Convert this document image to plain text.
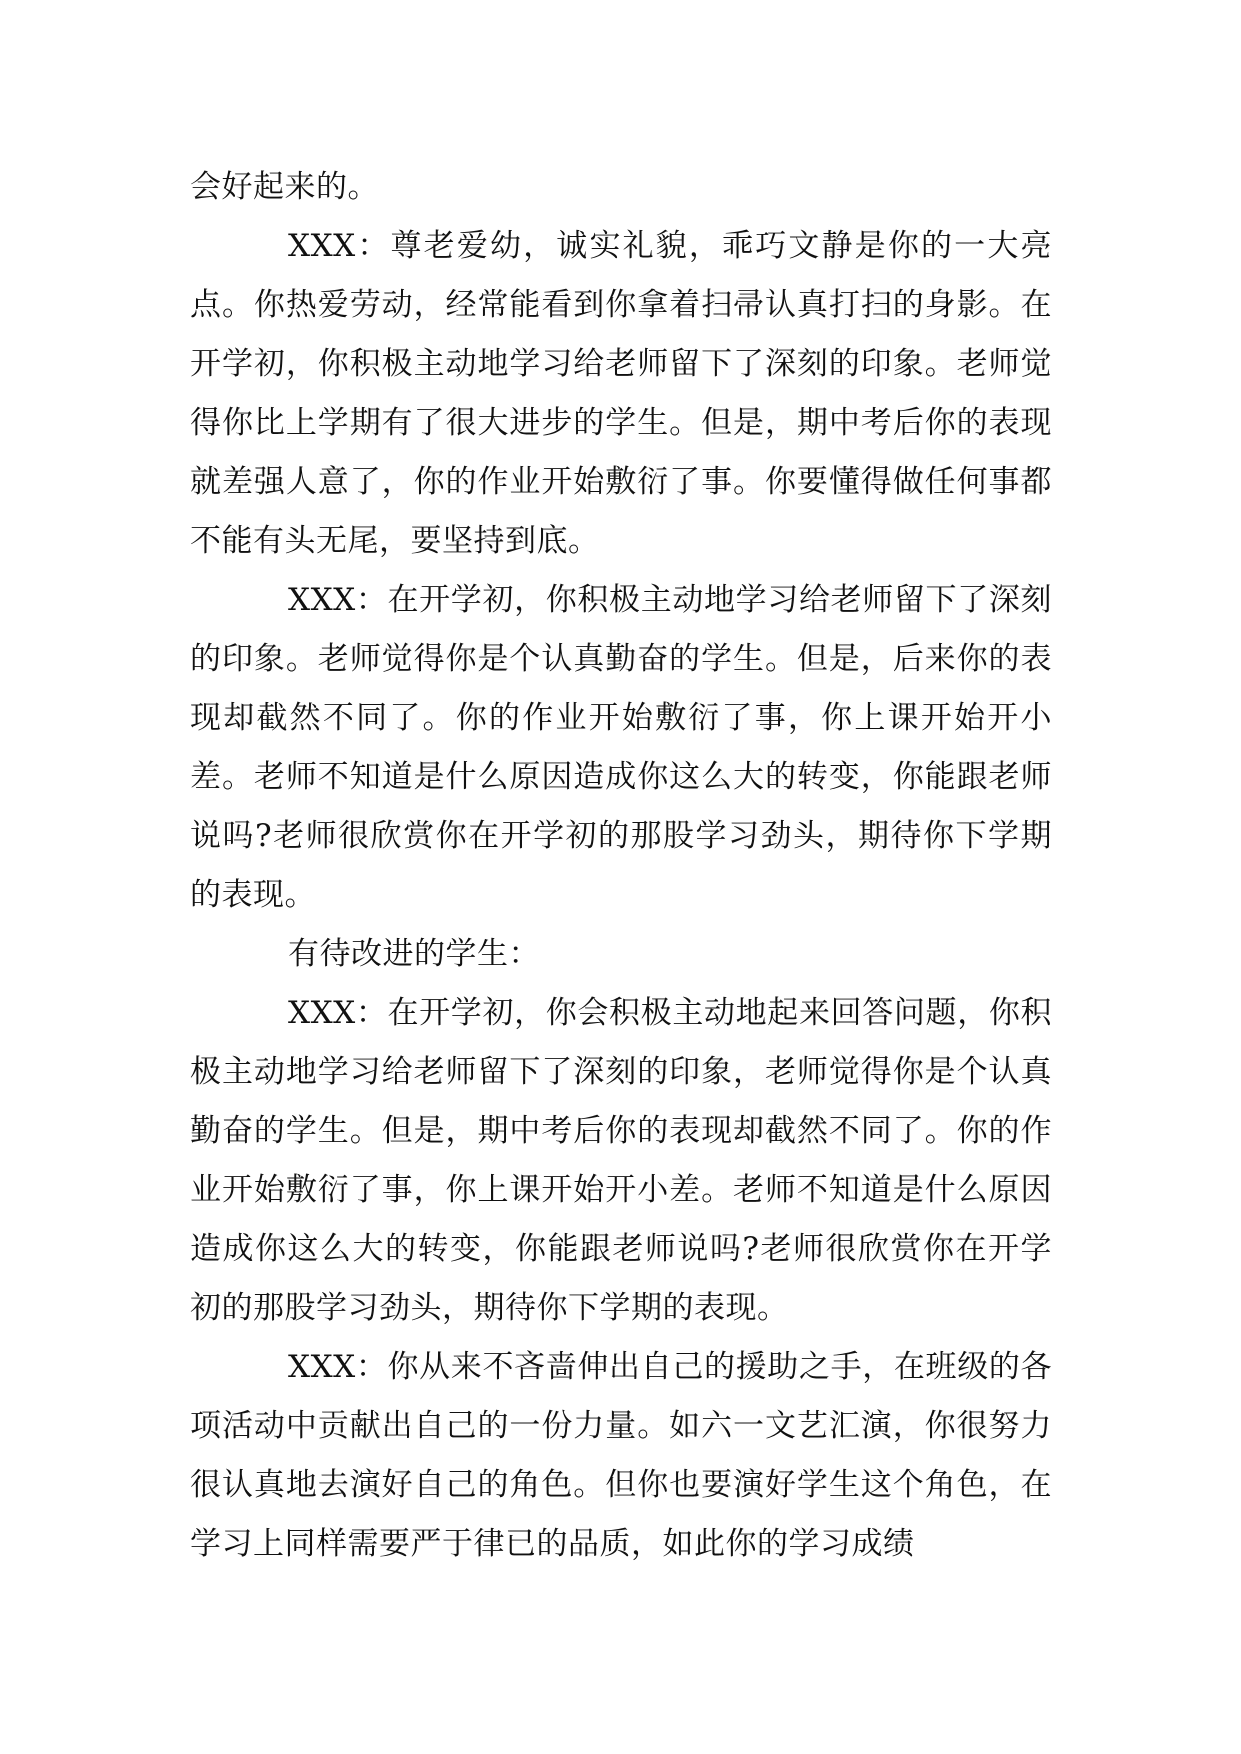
会好起来的。

XXX：尊老爱幼，诚实礼貌，乖巧文静是你的一大亮点。你热爱劳动，经常能看到你拿着扫帚认真打扫的身影。在开学初，你积极主动地学习给老师留下了深刻的印象。老师觉得你比上学期有了很大进步的学生。但是，期中考后你的表现就差强人意了，你的作业开始敷衍了事。你要懂得做任何事都不能有头无尾，要坚持到底。

XXX：在开学初，你积极主动地学习给老师留下了深刻的印象。老师觉得你是个认真勤奋的学生。但是，后来你的表现却截然不同了。你的作业开始敷衍了事，你上课开始开小差。老师不知道是什么原因造成你这么大的转变，你能跟老师说吗?老师很欣赏你在开学初的那股学习劲头，期待你下学期的表现。

有待改进的学生：

XXX：在开学初，你会积极主动地起来回答问题，你积极主动地学习给老师留下了深刻的印象，老师觉得你是个认真勤奋的学生。但是，期中考后你的表现却截然不同了。你的作业开始敷衍了事，你上课开始开小差。老师不知道是什么原因造成你这么大的转变，你能跟老师说吗?老师很欣赏你在开学初的那股学习劲头，期待你下学期的表现。

XXX：你从来不吝啬伸出自己的援助之手，在班级的各项活动中贡献出自己的一份力量。如六一文艺汇演，你很努力很认真地去演好自己的角色。但你也要演好学生这个角色，在学习上同样需要严于律已的品质，如此你的学习成绩
